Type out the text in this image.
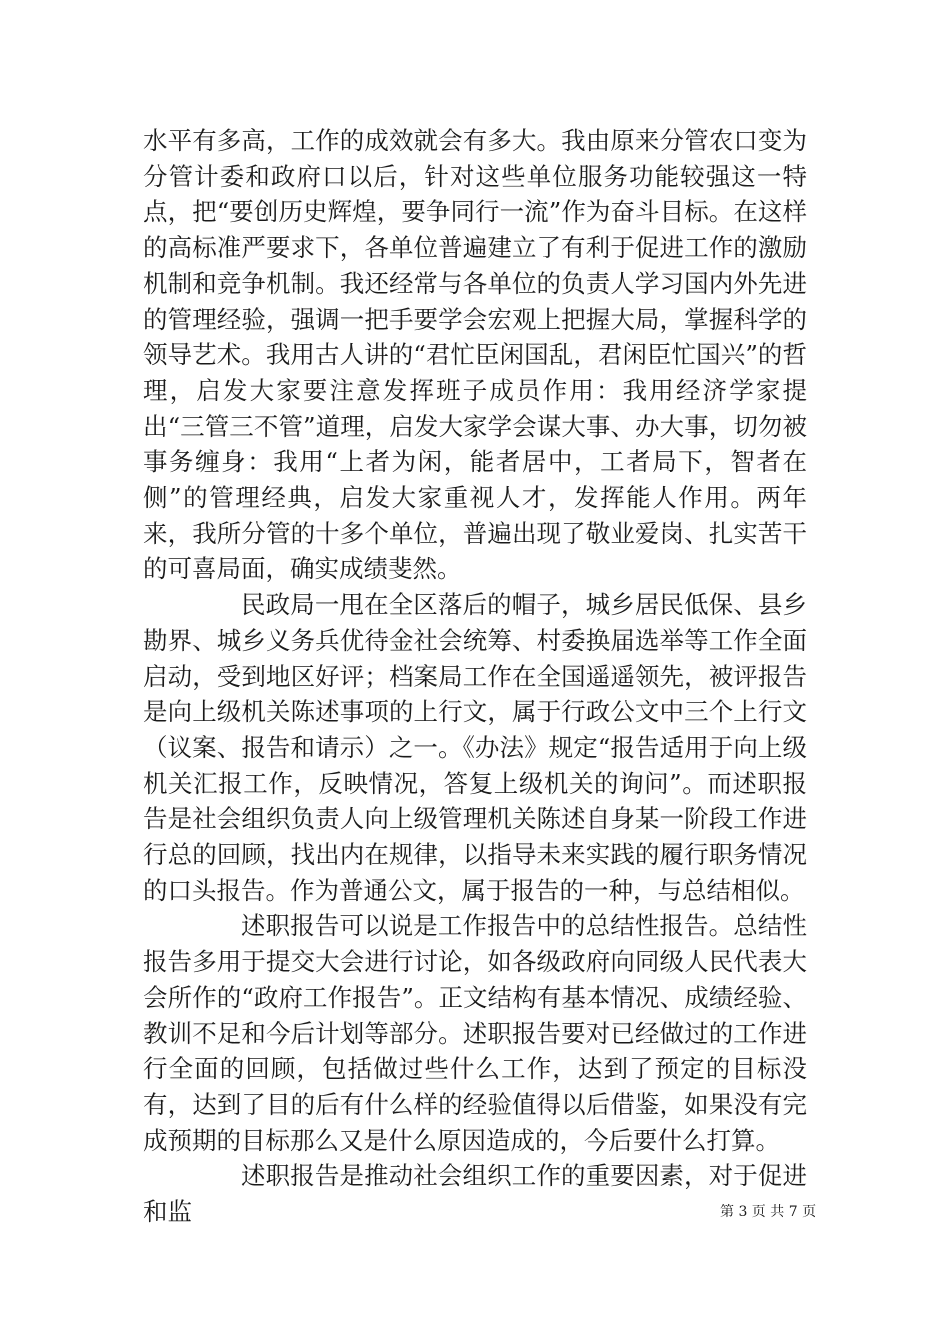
水平有多高，工作的成效就会有多大。我由原来分管农口变为分管计委和政府口以后，针对这些单位服务功能较强这一特点，把“要创历史辉煌，要争同行一流”作为奋斗目标。在这样的高标准严要求下，各单位普遍建立了有利于促进工作的激励机制和竞争机制。我还经常与各单位的负责人学习国内外先进的管理经验，强调一把手要学会宏观上把握大局，掌握科学的领导艺术。我用古人讲的“君忙臣闲国乱，君闲臣忙国兴”的哲理，启发大家要注意发挥班子成员作用：我用经济学家提出“三管三不管”道理，启发大家学会谋大事、办大事，切勿被事务缠身：我用“上者为闲，能者居中，工者局下，智者在侧”的管理经典，启发大家重视人才，发挥能人作用。两年来，我所分管的十多个单位，普遍出现了敬业爱岗、扎实苦干的可喜局面，确实成绩斐然。

民政局一甩在全区落后的帽子，城乡居民低保、县乡勘界、城乡义务兵优待金社会统筹、村委换届选举等工作全面启动，受到地区好评；档案局工作在全国遥遥领先，被评报告是向上级机关陈述事项的上行文，属于行政公文中三个上行文（议案、报告和请示）之一。《办法》规定“报告适用于向上级机关汇报工作，反映情况，答复上级机关的询问”。而述职报告是社会组织负责人向上级管理机关陈述自身某一阶段工作进行总的回顾，找出内在规律，以指导未来实践的履行职务情况的口头报告。作为普通公文，属于报告的一种，与总结相似。

述职报告可以说是工作报告中的总结性报告。总结性报告多用于提交大会进行讨论，如各级政府向同级人民代表大会所作的“政府工作报告”。正文结构有基本情况、成绩经验、教训不足和今后计划等部分。述职报告要对已经做过的工作进行全面的回顾，包括做过些什么工作，达到了预定的目标没有，达到了目的后有什么样的经验值得以后借鉴，如果没有完成预期的目标那么又是什么原因造成的，今后要什么打算。

述职报告是推动社会组织工作的重要因素，对于促进和监	第 3 页 共 7 页
